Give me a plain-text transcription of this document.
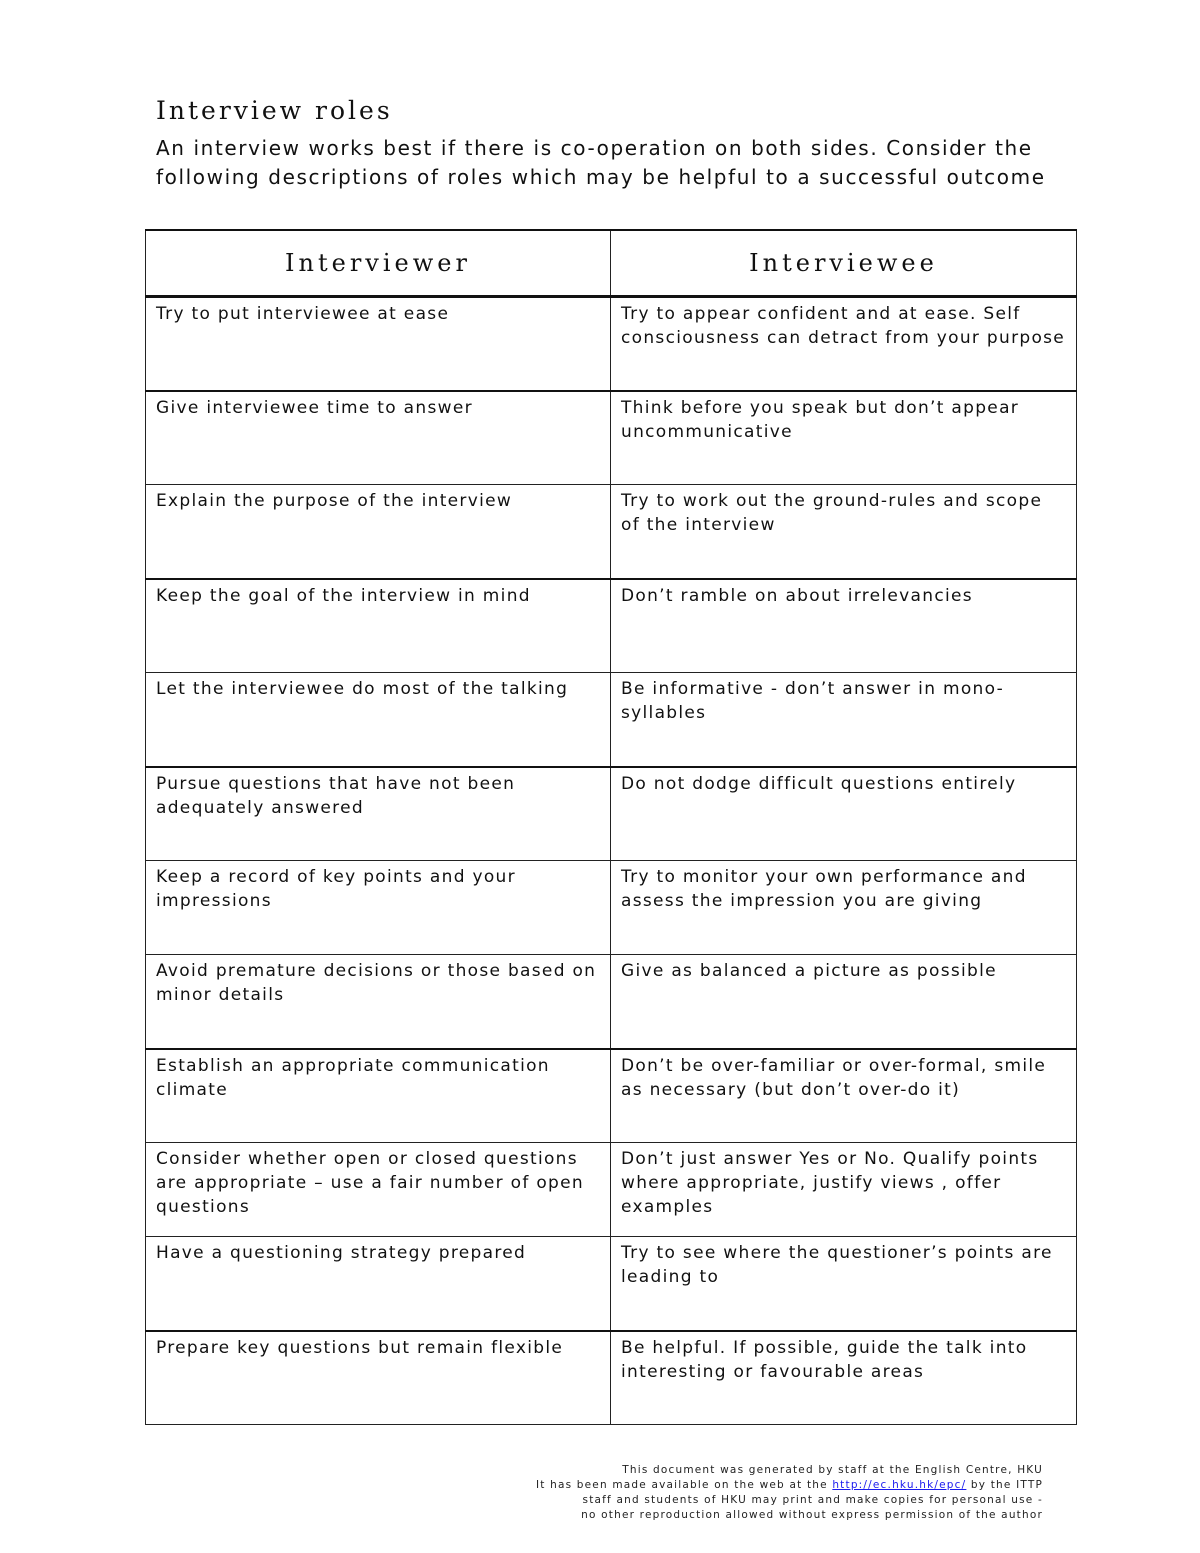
Interview roles

An interview works best if there is co-operation on both sides. Consider the following descriptions of roles which may be helpful to a successful outcome

Interviewer	Interviewee
Try to put interviewee at ease	Try to appear confident and at ease. Self consciousness can detract from your purpose
Give interviewee time to answer	Think before you speak but don’t appear uncommunicative
Explain the purpose of the interview	Try to work out the ground-rules and scope of the interview
Keep the goal of the interview in mind	Don’t ramble on about irrelevancies
Let the interviewee do most of the talking	Be informative - don’t answer in mono-syllables
Pursue questions that have not been adequately answered	Do not dodge difficult questions entirely
Keep a record of key points and your impressions	Try to monitor your own performance and assess the impression you are giving
Avoid premature decisions or those based on minor details	Give as balanced a picture as possible
Establish an appropriate communication climate	Don’t be over-familiar or over-formal, smile as necessary (but don’t over-do it)
Consider whether open or closed questions are appropriate – use a fair number of open questions	Don’t just answer Yes or No. Qualify points where appropriate, justify views , offer examples
Have a questioning strategy prepared	Try to see where the questioner’s points are leading to
Prepare key questions but remain flexible	Be helpful. If possible, guide the talk into interesting or favourable areas
This document was generated by staff at the English Centre, HKU
It has been made available on the web at the http://ec.hku.hk/epc/ by the ITTP
staff and students of HKU may print and make copies for personal use -
no other reproduction allowed without express permission of the author
